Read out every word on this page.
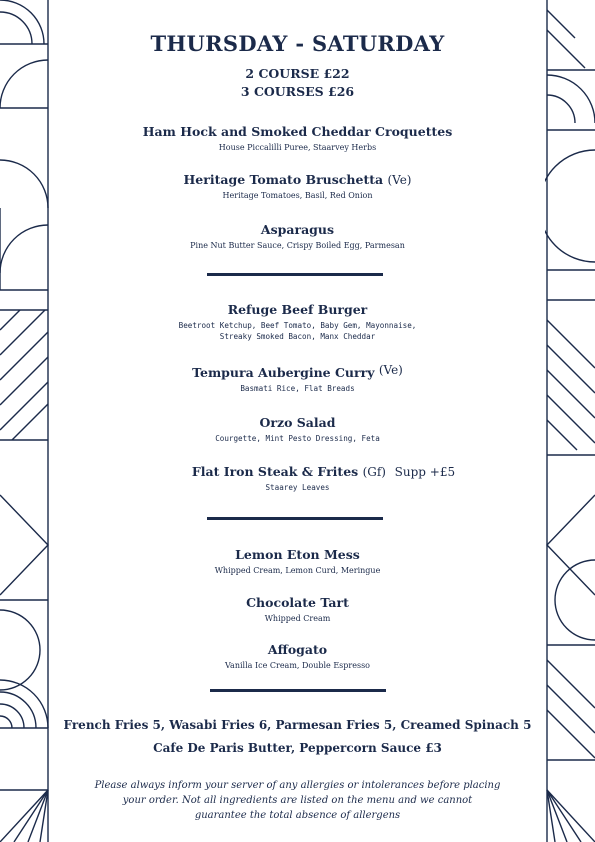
THURSDAY - SATURDAY
2 COURSE £22
3 COURSES £26
Ham Hock and Smoked Cheddar Croquettes
House Piccalilli Puree, Staarvey Herbs
Heritage Tomato Bruschetta (Ve)
Heritage Tomatoes, Basil, Red Onion
Asparagus
Pine Nut Butter Sauce, Crispy Boiled Egg, Parmesan
Refuge Beef Burger
Beetroot Ketchup, Beef Tomato, Baby Gem, Mayonnaise,
Streaky Smoked Bacon, Manx Cheddar
Tempura Aubergine Curry (Ve)
Basmati Rice, Flat Breads
Orzo Salad
Courgette, Mint Pesto Dressing, Feta
Flat Iron Steak & Frites (Gf) Supp +£5
Staarey Leaves
Lemon Eton Mess
Whipped Cream, Lemon Curd, Meringue
Chocolate Tart
Whipped Cream
Affogato
Vanilla Ice Cream, Double Espresso
French Fries 5, Wasabi Fries 6, Parmesan Fries 5, Creamed Spinach 5
Cafe De Paris Butter, Peppercorn Sauce £3
Please always inform your server of any allergies or intolerances before placing
your order. Not all ingredients are listed on the menu and we cannot
guarantee the total absence of allergens
